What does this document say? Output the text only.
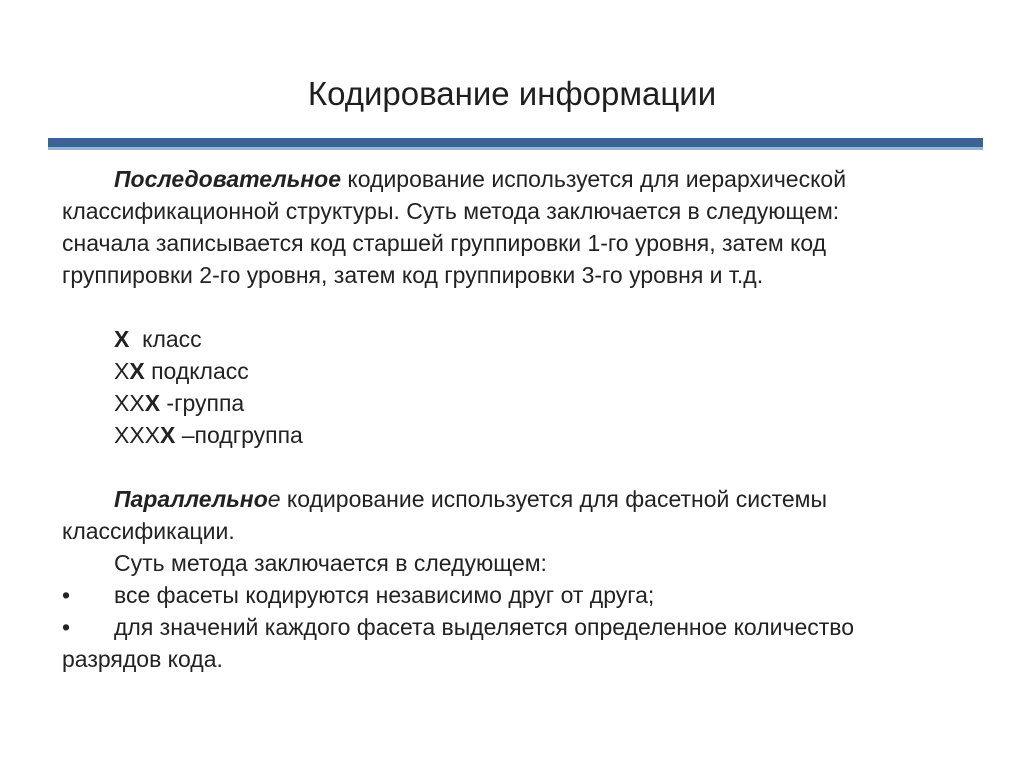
Кодирование информации

Последовательное кодирование используется для иерархической

классификационной структуры. Суть метода заключается в следующем:

сначала записывается код старшей группировки 1-го уровня, затем код

группировки 2-го уровня, затем код группировки 3-го уровня и т.д.

Х  класс

ХХ подкласс

ХХХ -группа

ХХХХ –подгруппа

Параллельное кодирование используется для фасетной системы

классификации.

Суть метода заключается в следующем:

•	все фасеты кодируются независимо друг от друга;
•	для значений каждого фасета выделяется определенное количество

разрядов кода.
